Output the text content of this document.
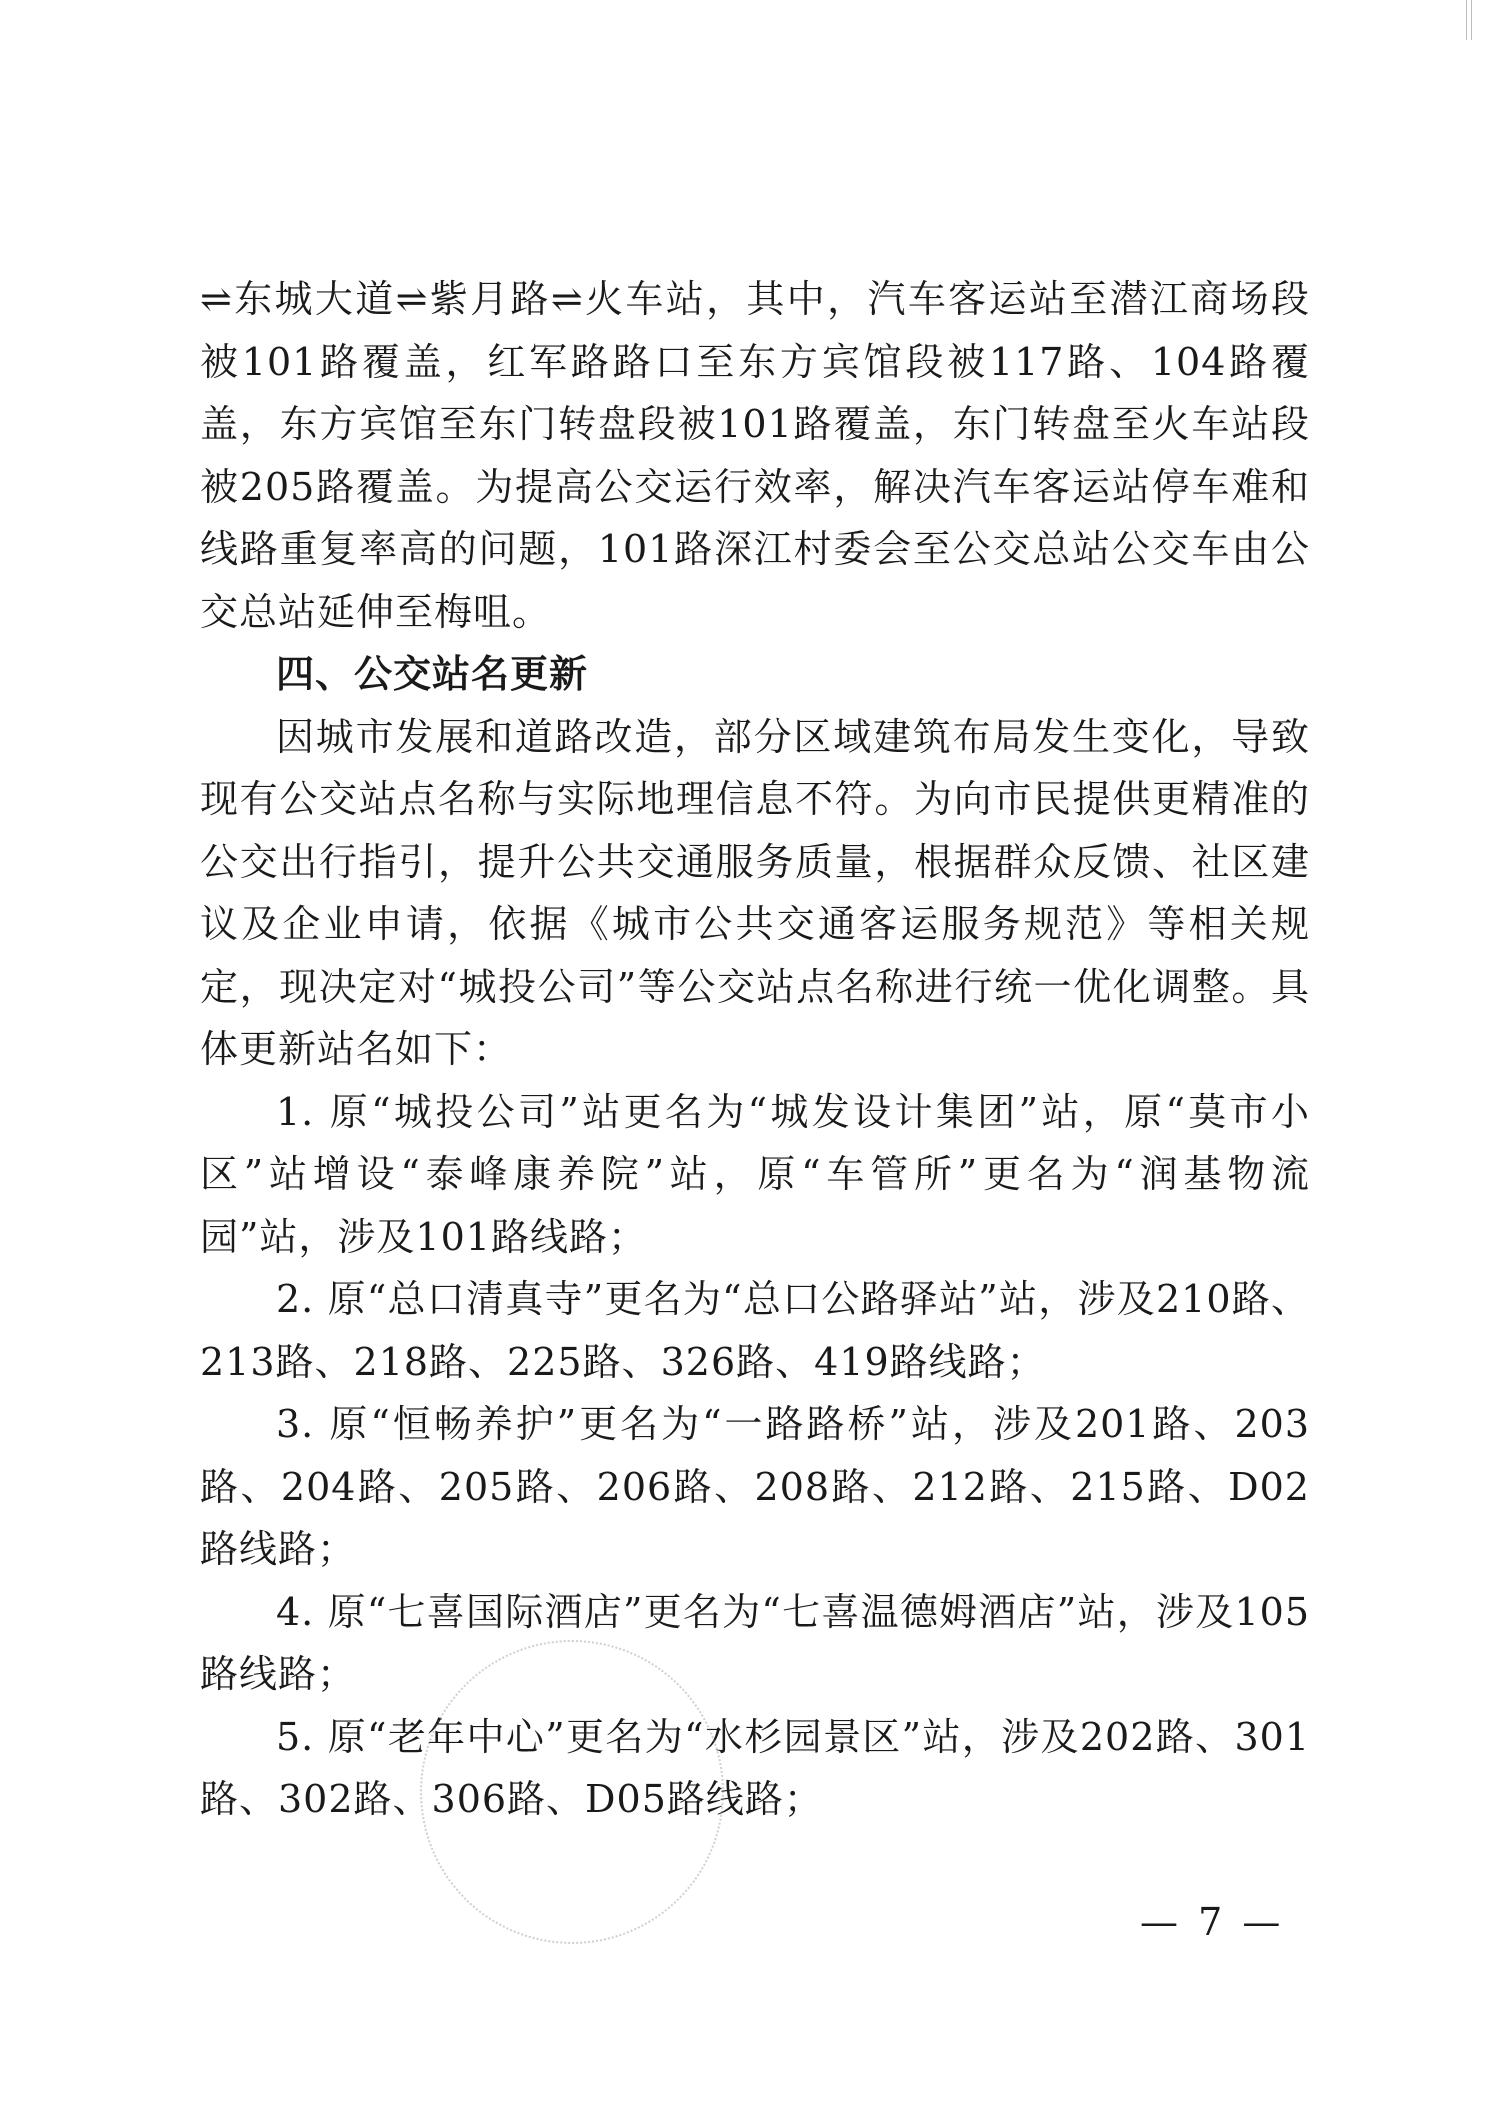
⇌东城大道⇌紫月路⇌火车站，其中，汽车客运站至潜江商场段被101路覆盖，红军路路口至东方宾馆段被117路、104路覆盖，东方宾馆至东门转盘段被101路覆盖，东门转盘至火车站段被205路覆盖。为提高公交运行效率，解决汽车客运站停车难和线路重复率高的问题，101路深江村委会至公交总站公交车由公交总站延伸至梅咀。

四、公交站名更新

因城市发展和道路改造，部分区域建筑布局发生变化，导致现有公交站点名称与实际地理信息不符。为向市民提供更精准的公交出行指引，提升公共交通服务质量，根据群众反馈、社区建议及企业申请，依据《城市公共交通客运服务规范》等相关规定，现决定对“城投公司”等公交站点名称进行统一优化调整。具体更新站名如下：

1. 原“城投公司”站更名为“城发设计集团”站，原“莫市小区”站增设“泰峰康养院”站，原“车管所”更名为“润基物流园”站，涉及101路线路；

2. 原“总口清真寺”更名为“总口公路驿站”站，涉及210路、213路、218路、225路、326路、419路线路；

3. 原“恒畅养护”更名为“一路路桥”站，涉及201路、203路、204路、205路、206路、208路、212路、215路、D02路线路；

4. 原“七喜国际酒店”更名为“七喜温德姆酒店”站，涉及105路线路；

5. 原“老年中心”更名为“水杉园景区”站，涉及202路、301路、302路、306路、D05路线路；

— 7 —
